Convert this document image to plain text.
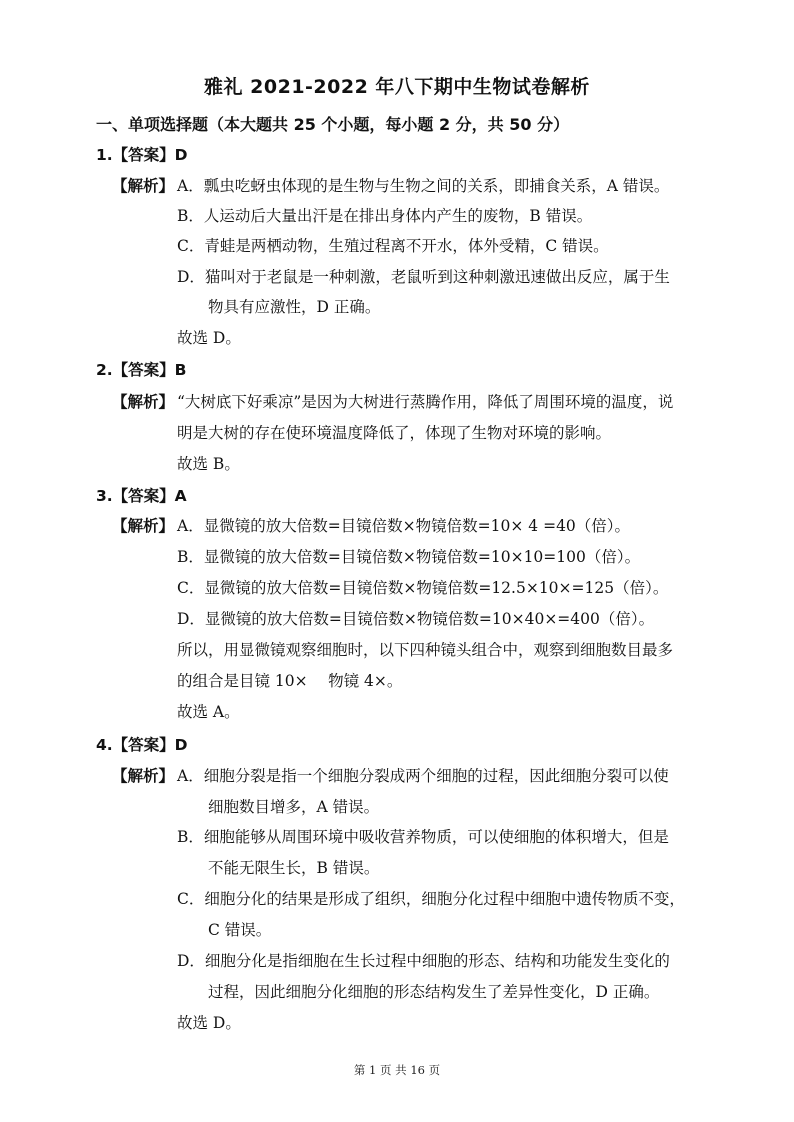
雅礼 2021-2022 年八下期中生物试卷解析
一、单项选择题（本大题共 25 个小题，每小题 2 分，共 50 分）
1.【答案】D
【解析】 A．瓢虫吃蚜虫体现的是生物与生物之间的关系，即捕食关系，A 错误。
B．人运动后大量出汗是在排出身体内产生的废物，B 错误。
C．青蛙是两栖动物，生殖过程离不开水，体外受精，C 错误。
D．猫叫对于老鼠是一种刺激，老鼠听到这种刺激迅速做出反应，属于生
物具有应激性，D 正确。
故选 D。
2.【答案】B
【解析】 “大树底下好乘凉”是因为大树进行蒸腾作用，降低了周围环境的温度，说
明是大树的存在使环境温度降低了，体现了生物对环境的影响。
故选 B。
3.【答案】A
【解析】 A．显微镜的放大倍数=目镜倍数×物镜倍数=10× 4 =40（倍）。
B．显微镜的放大倍数=目镜倍数×物镜倍数=10×10=100（倍）。
C．显微镜的放大倍数=目镜倍数×物镜倍数=12.5×10×=125（倍）。
D．显微镜的放大倍数=目镜倍数×物镜倍数=10×40×=400（倍）。
所以，用显微镜观察细胞时，以下四种镜头组合中，观察到细胞数目最多
的组合是目镜 10×　 物镜 4×。
故选 A。
4.【答案】D
【解析】 A．细胞分裂是指一个细胞分裂成两个细胞的过程，因此细胞分裂可以使
细胞数目增多，A 错误。
B．细胞能够从周围环境中吸收营养物质，可以使细胞的体积增大，但是
不能无限生长，B 错误。
C．细胞分化的结果是形成了组织，细胞分化过程中细胞中遗传物质不变，
C 错误。
D．细胞分化是指细胞在生长过程中细胞的形态、结构和功能发生变化的
过程，因此细胞分化细胞的形态结构发生了差异性变化，D 正确。
故选 D。
第 1 页 共 16 页
